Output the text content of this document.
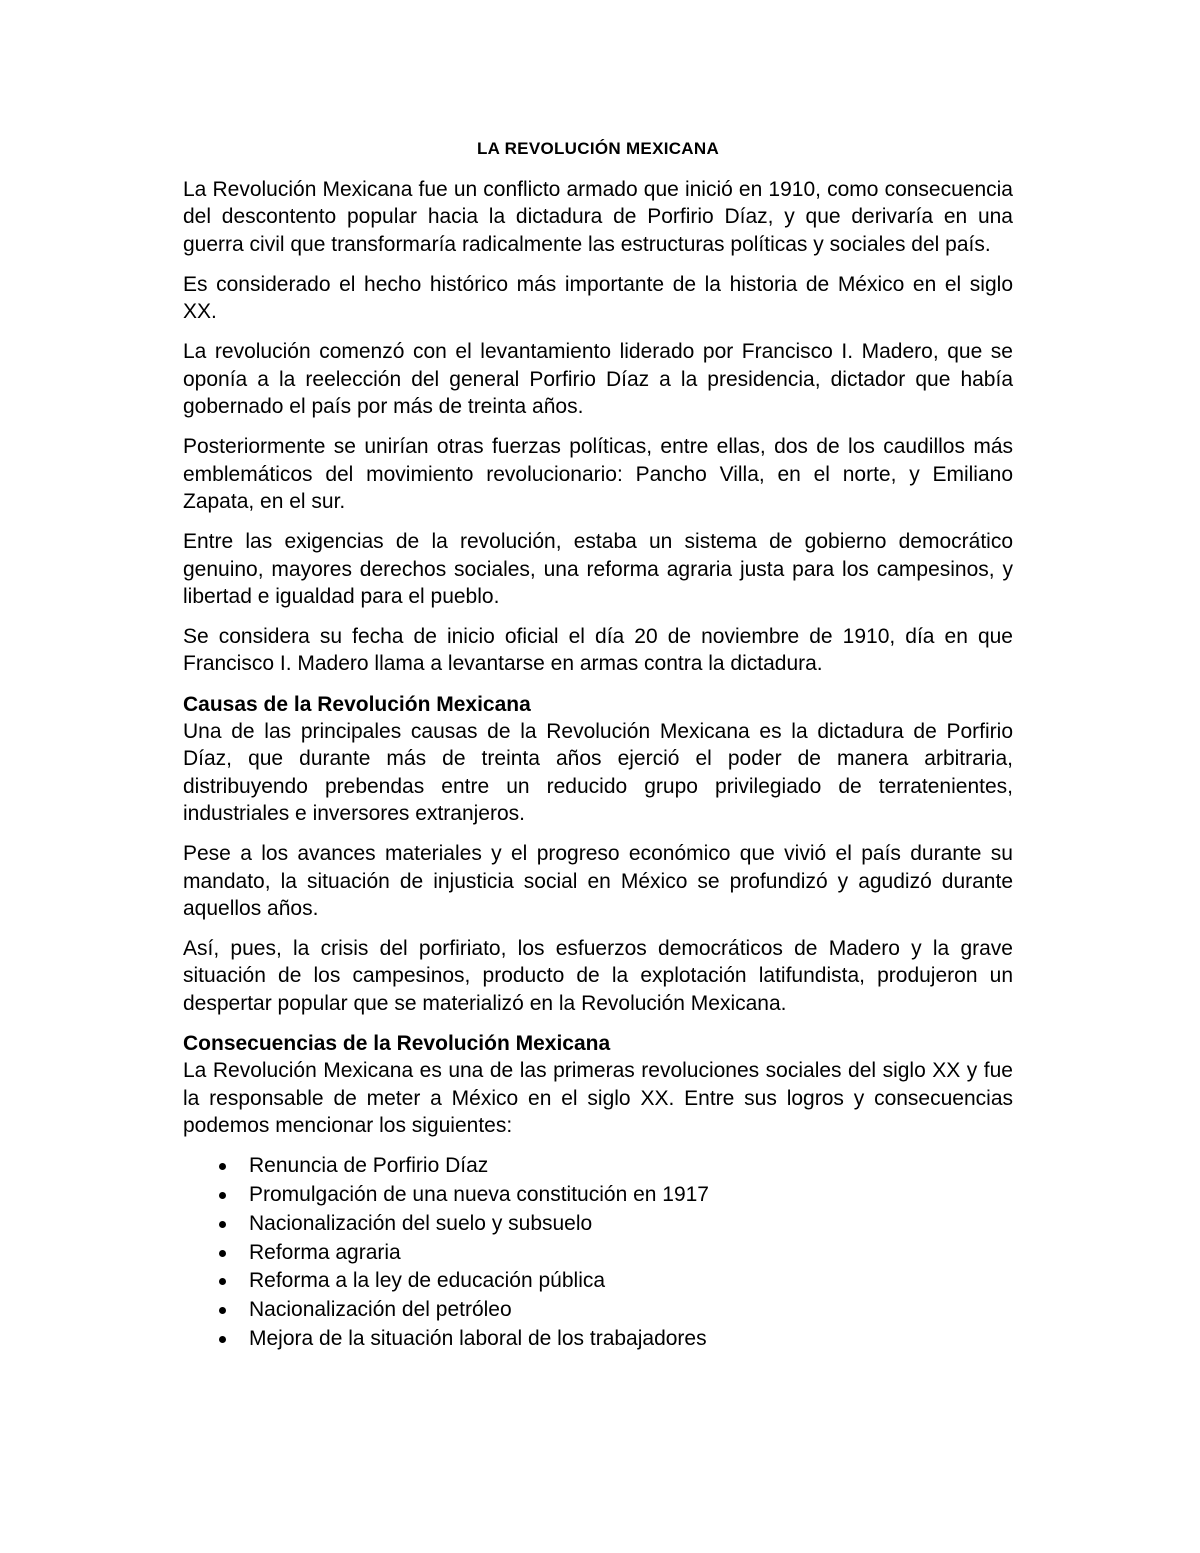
LA REVOLUCIÓN MEXICANA

La Revolución Mexicana fue un conflicto armado que inició en 1910, como consecuencia del descontento popular hacia la dictadura de Porfirio Díaz, y que derivaría en una guerra civil que transformaría radicalmente las estructuras políticas y sociales del país.

Es considerado el hecho histórico más importante de la historia de México en el siglo XX.

La revolución comenzó con el levantamiento liderado por Francisco I. Madero, que se oponía a la reelección del general Porfirio Díaz a la presidencia, dictador que había gobernado el país por más de treinta años.

Posteriormente se unirían otras fuerzas políticas, entre ellas, dos de los caudillos más emblemáticos del movimiento revolucionario: Pancho Villa, en el norte, y Emiliano Zapata, en el sur.

Entre las exigencias de la revolución, estaba un sistema de gobierno democrático genuino, mayores derechos sociales, una reforma agraria justa para los campesinos, y libertad e igualdad para el pueblo.

Se considera su fecha de inicio oficial el día 20 de noviembre de 1910, día en que Francisco I. Madero llama a levantarse en armas contra la dictadura.

Causas de la Revolución Mexicana

Una de las principales causas de la Revolución Mexicana es la dictadura de Porfirio Díaz, que durante más de treinta años ejerció el poder de manera arbitraria, distribuyendo prebendas entre un reducido grupo privilegiado de terratenientes, industriales e inversores extranjeros.

Pese a los avances materiales y el progreso económico que vivió el país durante su mandato, la situación de injusticia social en México se profundizó y agudizó durante aquellos años.

Así, pues, la crisis del porfiriato, los esfuerzos democráticos de Madero y la grave situación de los campesinos, producto de la explotación latifundista, produjeron un despertar popular que se materializó en la Revolución Mexicana.

Consecuencias de la Revolución Mexicana

La Revolución Mexicana es una de las primeras revoluciones sociales del siglo XX y fue la responsable de meter a México en el siglo XX. Entre sus logros y consecuencias podemos mencionar los siguientes:

Renuncia de Porfirio Díaz
Promulgación de una nueva constitución en 1917
Nacionalización del suelo y subsuelo
Reforma agraria
Reforma a la ley de educación pública
Nacionalización del petróleo
Mejora de la situación laboral de los trabajadores
